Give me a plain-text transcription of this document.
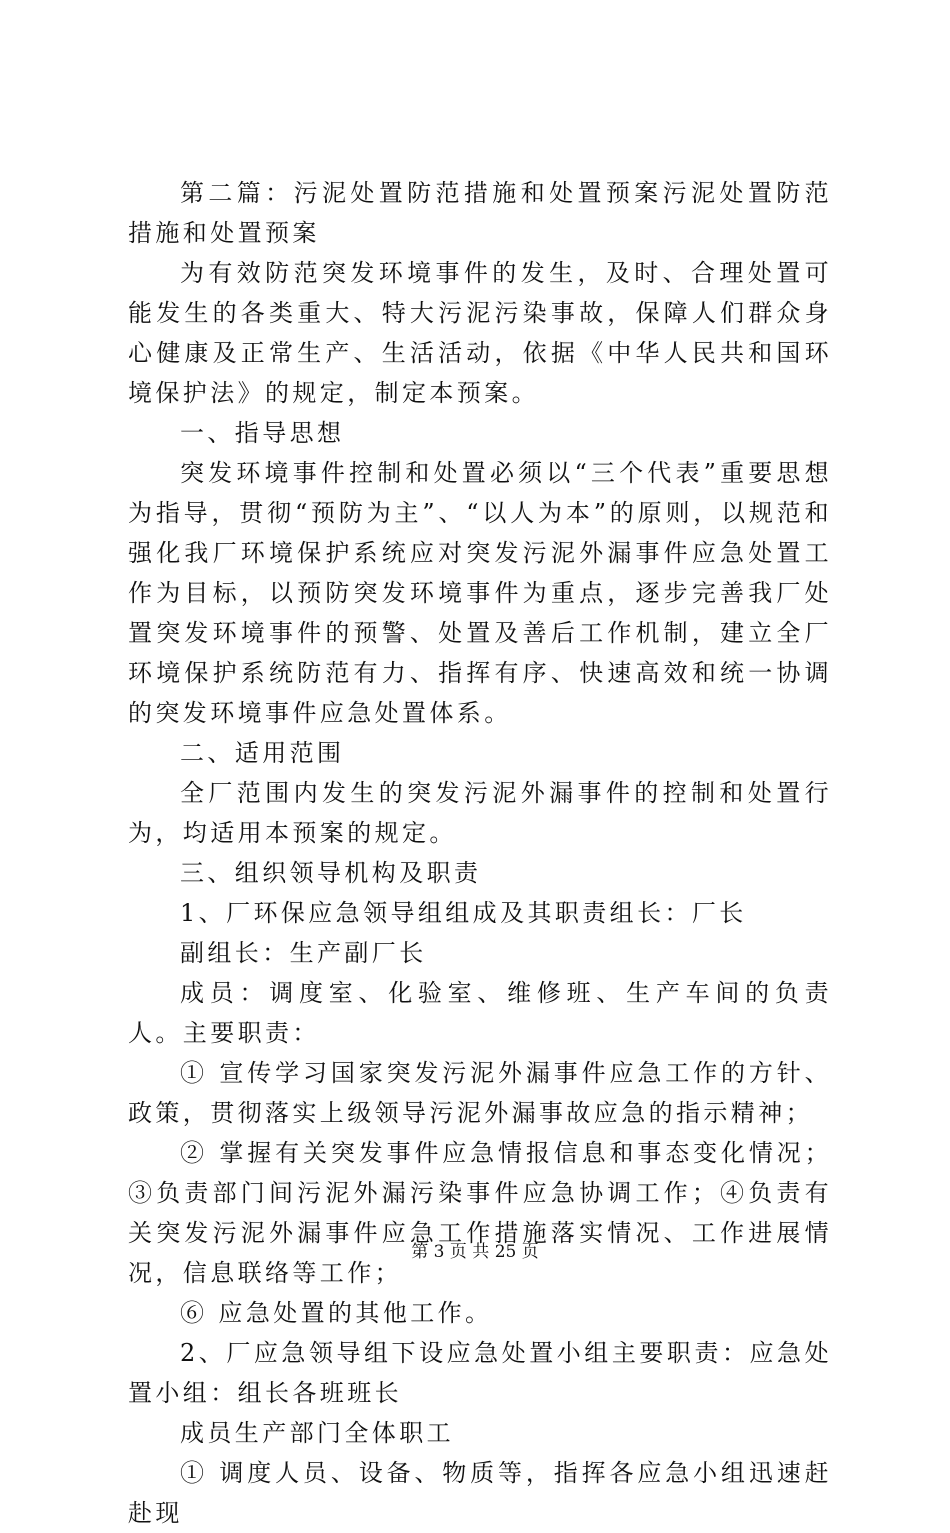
第二篇：污泥处置防范措施和处置预案污泥处置防范措施和处置预案

为有效防范突发环境事件的发生，及时、合理处置可能发生的各类重大、特大污泥污染事故，保障人们群众身心健康及正常生产、生活活动，依据《中华人民共和国环境保护法》的规定，制定本预案。

一、指导思想

突发环境事件控制和处置必须以“三个代表”重要思想为指导，贯彻“预防为主”、“以人为本”的原则，以规范和强化我厂环境保护系统应对突发污泥外漏事件应急处置工作为目标，以预防突发环境事件为重点，逐步完善我厂处置突发环境事件的预警、处置及善后工作机制，建立全厂环境保护系统防范有力、指挥有序、快速高效和统一协调的突发环境事件应急处置体系。

二、适用范围

全厂范围内发生的突发污泥外漏事件的控制和处置行为，均适用本预案的规定。

三、组织领导机构及职责

1、厂环保应急领导组组成及其职责组长：厂长

副组长：生产副厂长

成员：调度室、化验室、维修班、生产车间的负责人。主要职责：

① 宣传学习国家突发污泥外漏事件应急工作的方针、政策，贯彻落实上级领导污泥外漏事故应急的指示精神；

② 掌握有关突发事件应急情报信息和事态变化情况；③负责部门间污泥外漏污染事件应急协调工作；④负责有关突发污泥外漏事件应急工作措施落实情况、工作进展情况，信息联络等工作；

⑥ 应急处置的其他工作。

2、厂应急领导组下设应急处置小组主要职责：应急处置小组：组长各班班长

成员生产部门全体职工

① 调度人员、设备、物质等，指挥各应急小组迅速赶赴现

第 3 页 共 25 页
